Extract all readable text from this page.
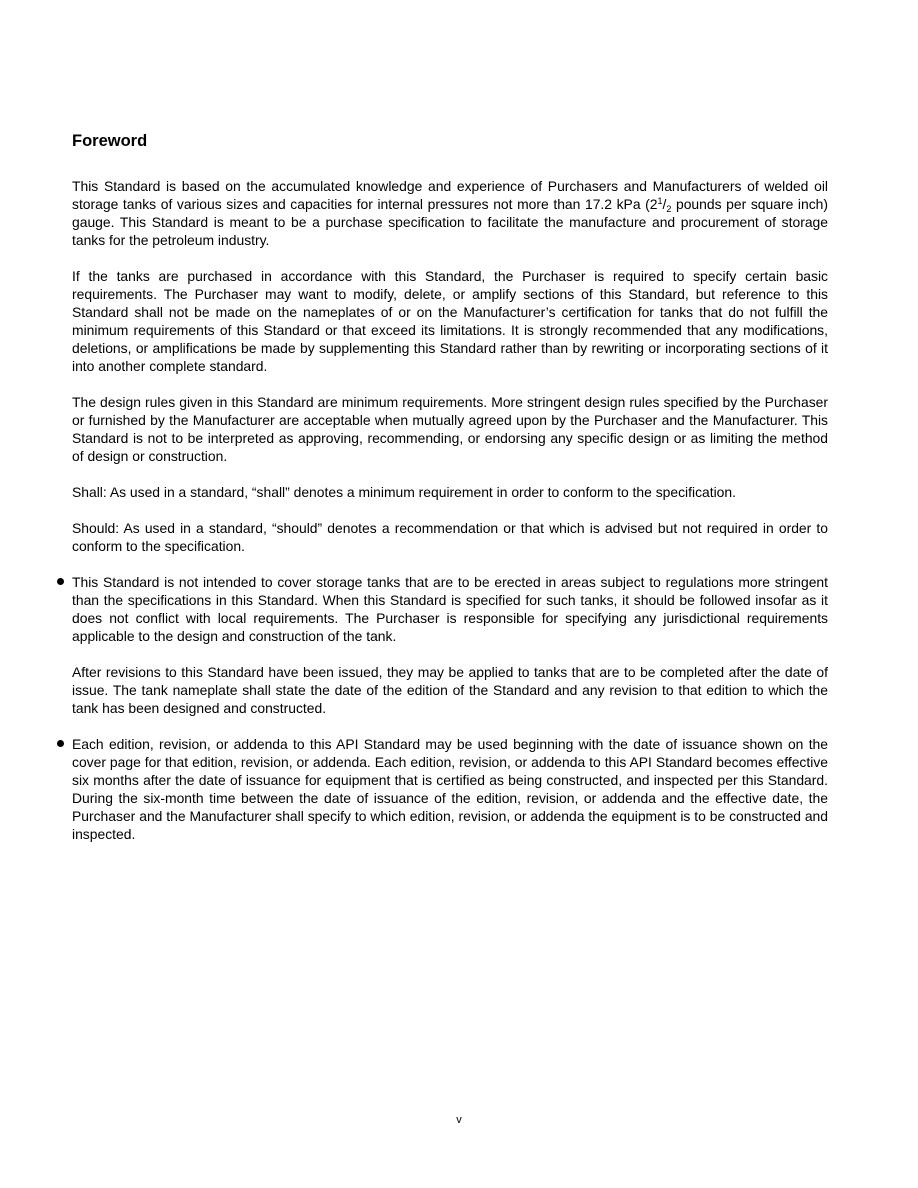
Foreword

This Standard is based on the accumulated knowledge and experience of Purchasers and Manufacturers of welded oil storage tanks of various sizes and capacities for internal pressures not more than 17.2 kPa ($2^1/_2$ pounds per square inch) gauge. This Standard is meant to be a purchase specification to facilitate the manufacture and procurement of storage tanks for the petroleum industry.

If the tanks are purchased in accordance with this Standard, the Purchaser is required to specify certain basic requirements. The Purchaser may want to modify, delete, or amplify sections of this Standard, but reference to this Standard shall not be made on the nameplates of or on the Manufacturer’s certification for tanks that do not fulfill the minimum requirements of this Standard or that exceed its limitations. It is strongly recommended that any modifications, deletions, or amplifications be made by supplementing this Standard rather than by rewriting or incorporating sections of it into another complete standard.

The design rules given in this Standard are minimum requirements. More stringent design rules specified by the Purchaser or furnished by the Manufacturer are acceptable when mutually agreed upon by the Purchaser and the Manufacturer. This Standard is not to be interpreted as approving, recommending, or endorsing any specific design or as limiting the method of design or construction.

Shall: As used in a standard, “shall” denotes a minimum requirement in order to conform to the specification.

Should: As used in a standard, “should” denotes a recommendation or that which is advised but not required in order to conform to the specification.

This Standard is not intended to cover storage tanks that are to be erected in areas subject to regulations more stringent than the specifications in this Standard. When this Standard is specified for such tanks, it should be followed insofar as it does not conflict with local requirements. The Purchaser is responsible for specifying any jurisdictional requirements applicable to the design and construction of the tank.

After revisions to this Standard have been issued, they may be applied to tanks that are to be completed after the date of issue. The tank nameplate shall state the date of the edition of the Standard and any revision to that edition to which the tank has been designed and constructed.

Each edition, revision, or addenda to this API Standard may be used beginning with the date of issuance shown on the cover page for that edition, revision, or addenda. Each edition, revision, or addenda to this API Standard becomes effective six months after the date of issuance for equipment that is certified as being constructed, and inspected per this Standard. During the six-month time between the date of issuance of the edition, revision, or addenda and the effective date, the Purchaser and the Manufacturer shall specify to which edition, revision, or addenda the equipment is to be constructed and inspected.

v
